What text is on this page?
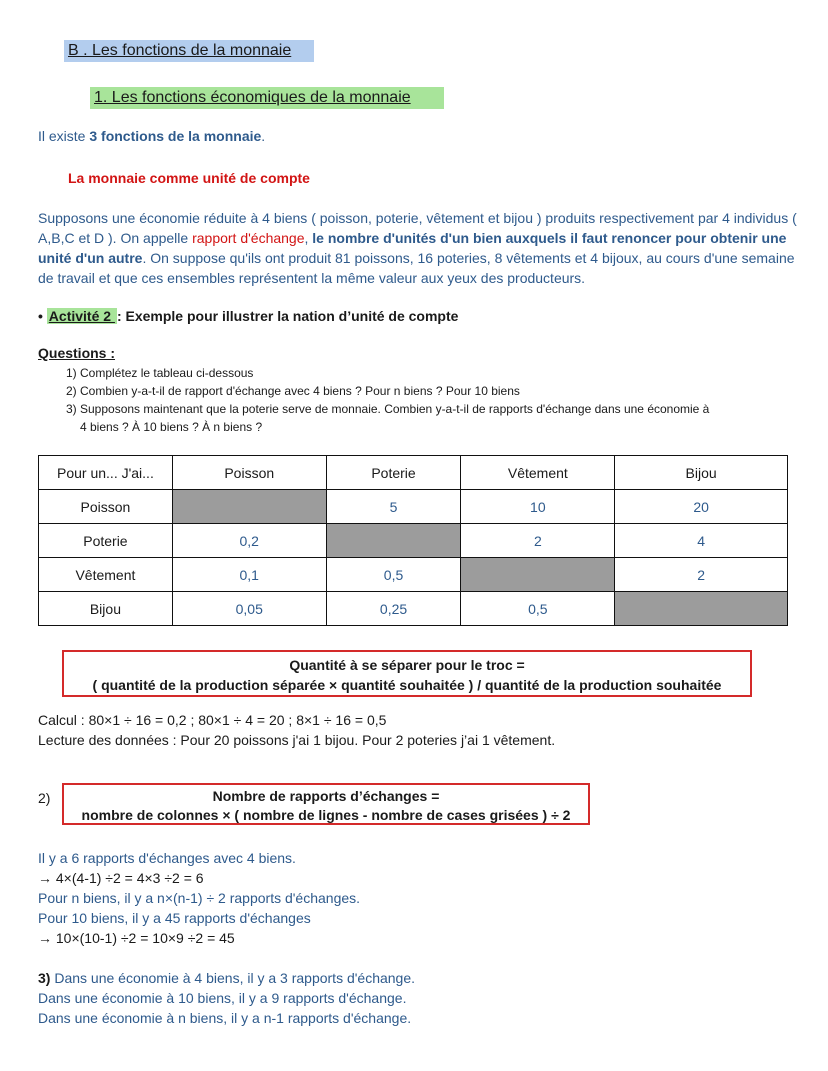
B . Les fonctions de la monnaie
1. Les fonctions économiques de la monnaie
Il existe 3 fonctions de la monnaie.
La monnaie comme unité de compte
Supposons une économie réduite à 4 biens ( poisson, poterie, vêtement et bijou ) produits respectivement par 4 individus ( A,B,C et D ). On appelle rapport d'échange, le nombre d'unités d'un bien auxquels il faut renoncer pour obtenir une unité d'un autre. On suppose qu'ils ont produit 81 poissons, 16 poteries, 8 vêtements et 4 bijoux, au cours d'une semaine de travail et que ces ensembles représentent la même valeur aux yeux des producteurs.
• Activité 2 : Exemple pour illustrer la nation d’unité de compte
Questions :
1) Complétez le tableau ci-dessous
2) Combien y-a-t-il de rapport d'échange avec 4 biens ? Pour n biens ? Pour 10 biens
3) Supposons maintenant que la poterie serve de monnaie. Combien y-a-t-il de rapports d'échange dans une économie à
4 biens ? À 10 biens ? À n biens ?
Pour un... J'ai...	Poisson	Poterie	Vêtement	Bijou
Poisson		5	10	20
Poterie	0,2		2	4
Vêtement	0,1	0,5		2
Bijou	0,05	0,25	0,5	
Quantité à se séparer pour le troc =
( quantité de la production séparée × quantité souhaitée ) / quantité de la production souhaitée
Calcul : 80×1 ÷ 16 = 0,2 ; 80×1 ÷ 4 = 20 ; 8×1 ÷ 16 = 0,5
Lecture des données : Pour 20 poissons j'ai 1 bijou. Pour 2 poteries j’ai 1 vêtement.
2)	Nombre de rapports d’échanges =
nombre de colonnes × ( nombre de lignes - nombre de cases grisées ) ÷ 2
Il y a 6 rapports d'échanges avec 4 biens.
→ 4×(4-1) ÷2 = 4×3 ÷2 = 6
Pour n biens, il y a n×(n-1) ÷ 2 rapports d'échanges.
Pour 10 biens, il y a 45 rapports d'échanges
→ 10×(10-1) ÷2 = 10×9 ÷2 = 45
3) Dans une économie à 4 biens, il y a 3 rapports d'échange.
Dans une économie à 10 biens, il y a 9 rapports d'échange.
Dans une économie à n biens, il y a n-1 rapports d'échange.
